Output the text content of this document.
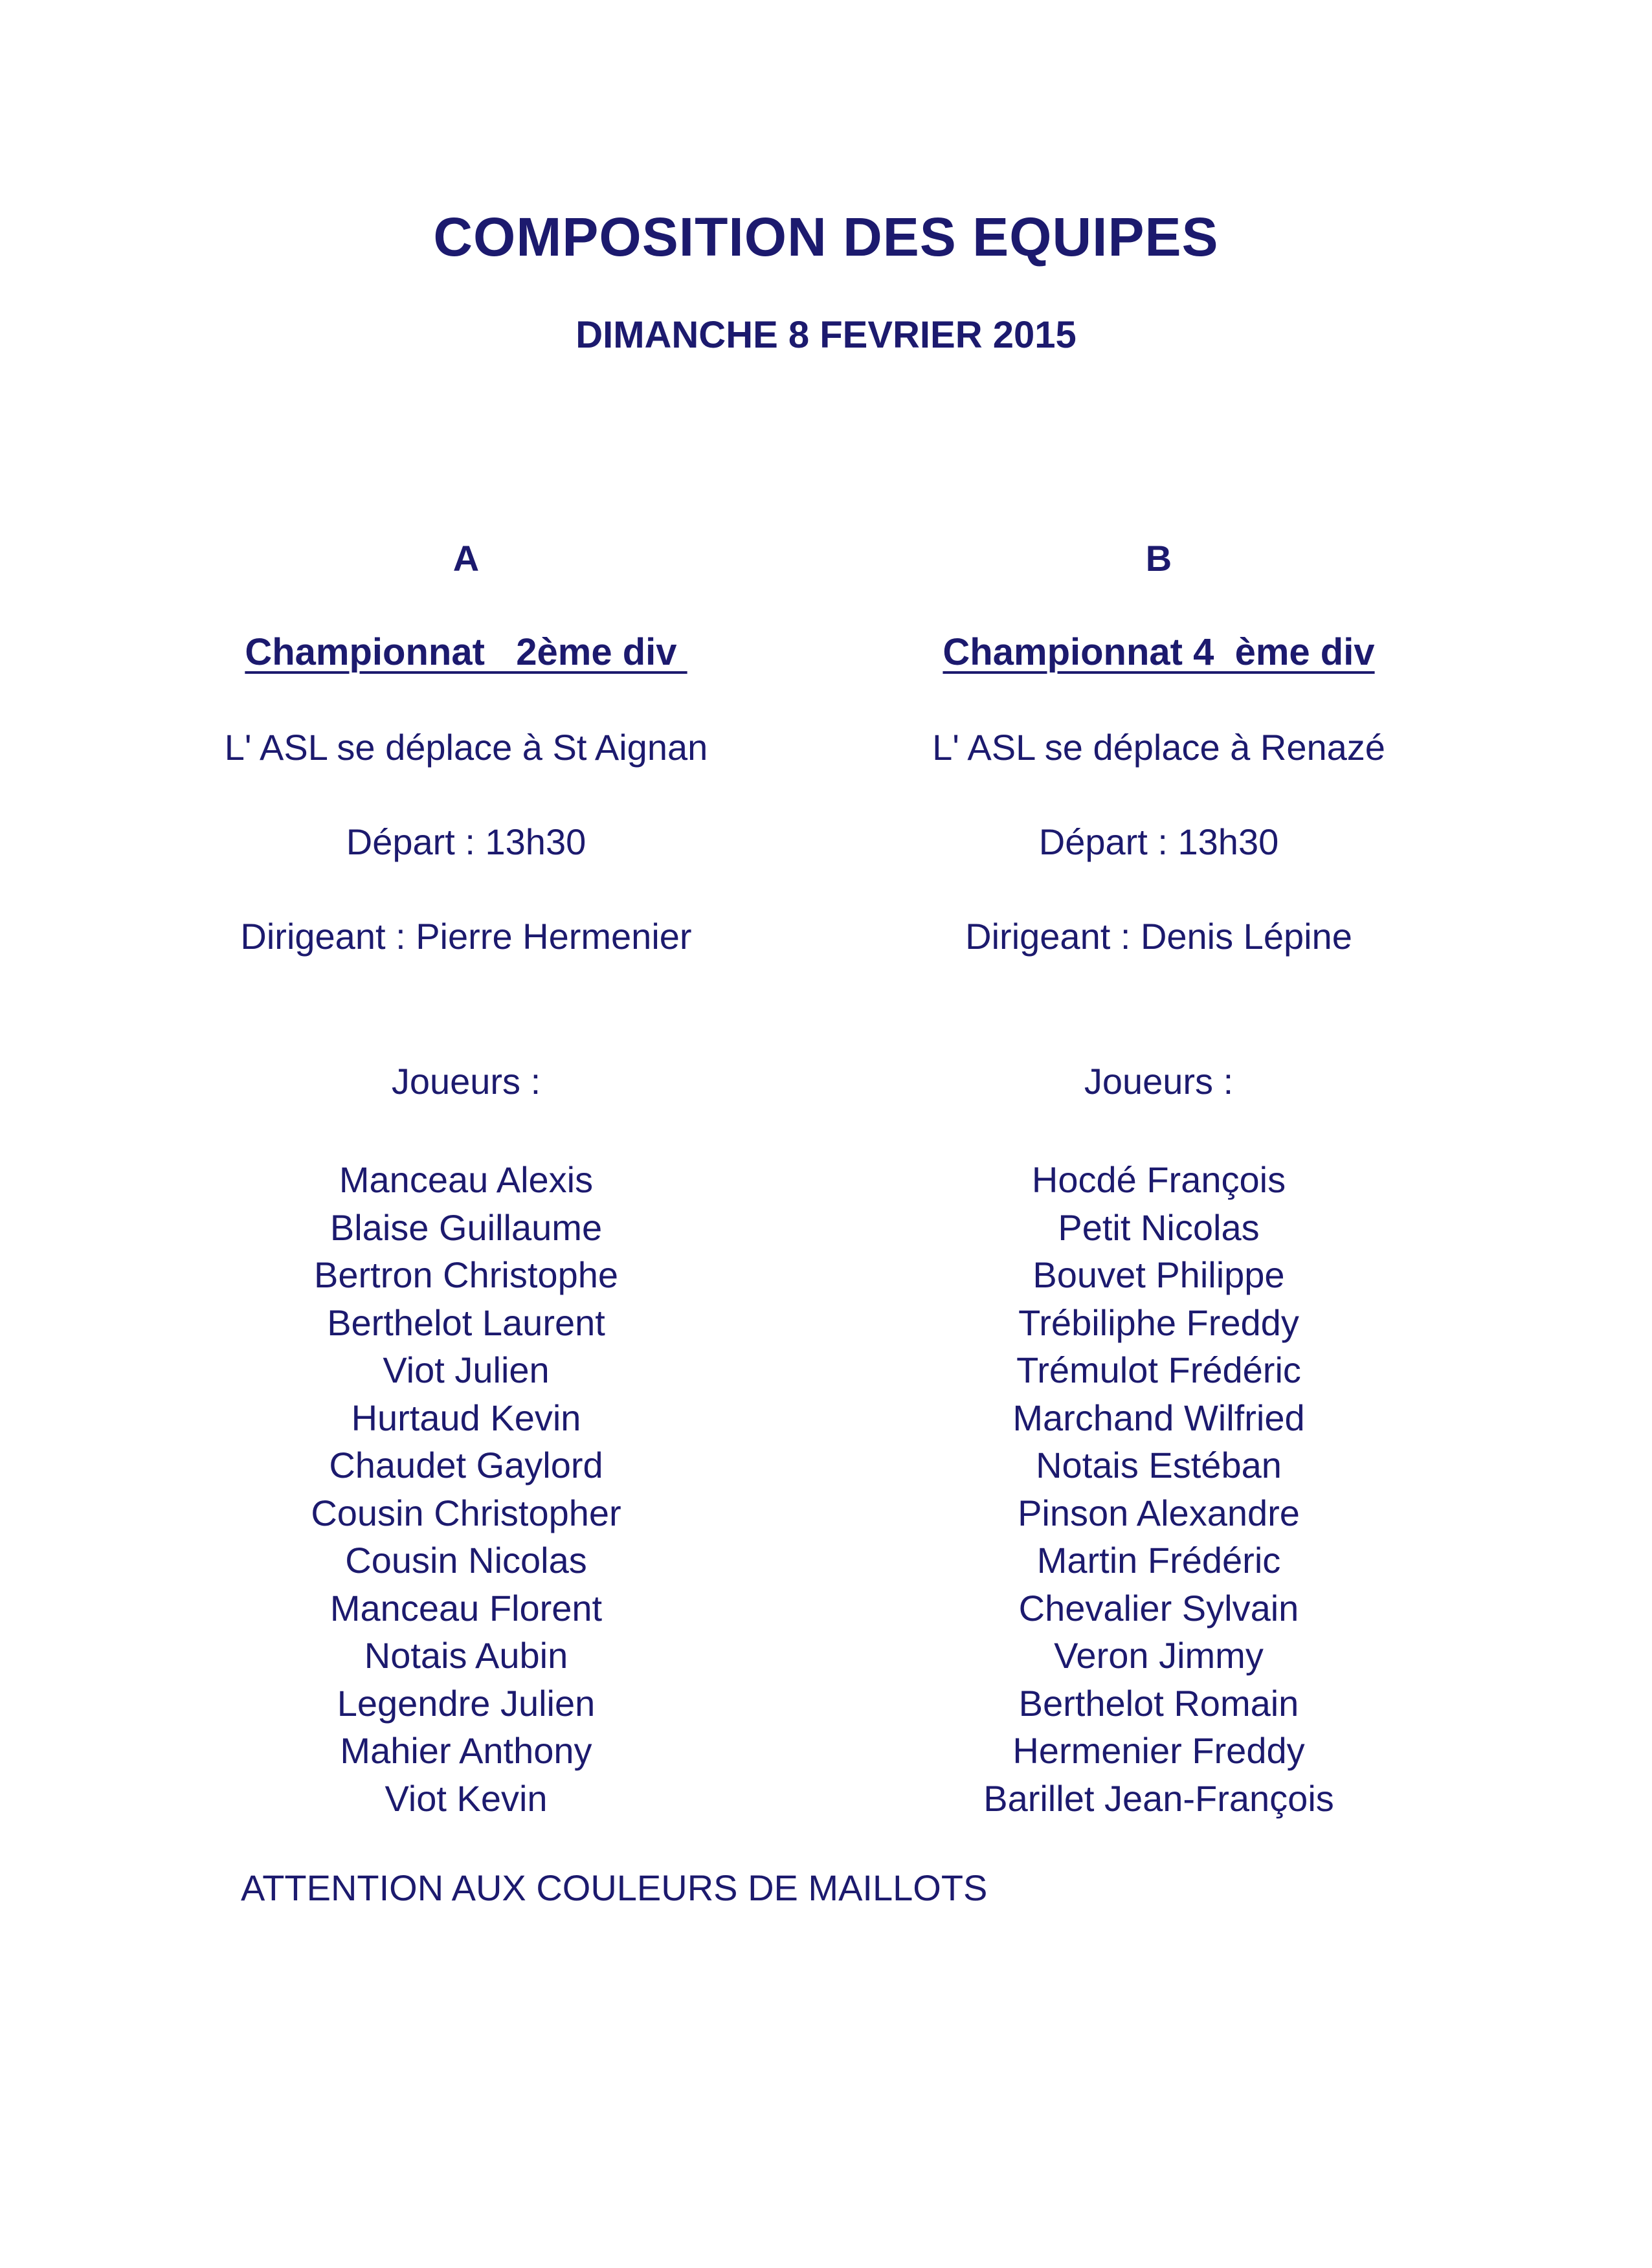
COMPOSITION DES EQUIPES
DIMANCHE 8 FEVRIER 2015
A
Championnat   2ème div
L' ASL se déplace à St Aignan
Départ : 13h30
Dirigeant : Pierre Hermenier
Joueurs :
Manceau Alexis
Blaise Guillaume
Bertron Christophe
Berthelot Laurent
Viot Julien
Hurtaud Kevin
Chaudet Gaylord
Cousin Christopher
Cousin Nicolas
Manceau Florent
Notais Aubin
Legendre Julien
Mahier Anthony
Viot Kevin
B
Championnat 4  ème div
L' ASL se déplace à Renazé
Départ : 13h30
Dirigeant : Denis Lépine
Joueurs :
Hocdé François
Petit Nicolas
Bouvet Philippe
Trébiliphe Freddy
Trémulot Frédéric
Marchand Wilfried
Notais Estéban
Pinson Alexandre
Martin Frédéric
Chevalier Sylvain
Veron Jimmy
Berthelot Romain
Hermenier Freddy
Barillet Jean-François
ATTENTION AUX COULEURS DE MAILLOTS
